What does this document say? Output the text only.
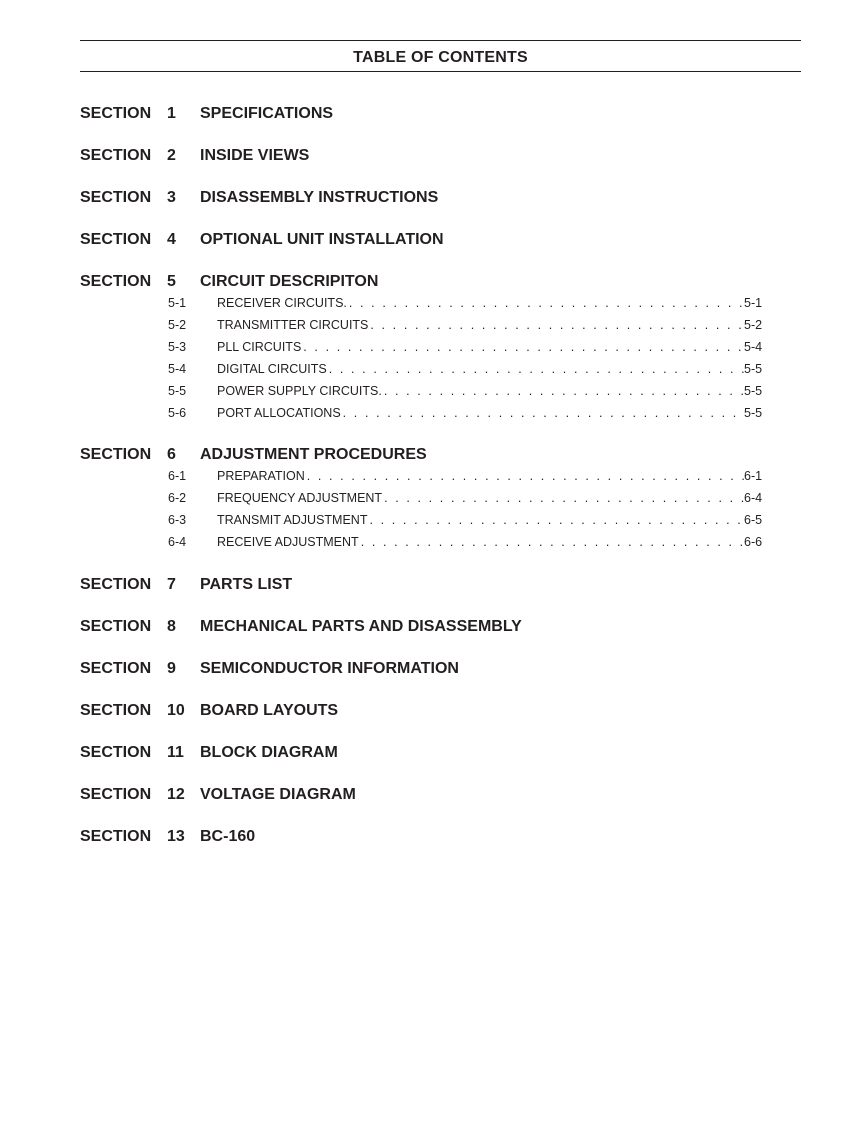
TABLE OF CONTENTS
SECTION 1 SPECIFICATIONS
SECTION 2 INSIDE VIEWS
SECTION 3 DISASSEMBLY INSTRUCTIONS
SECTION 4 OPTIONAL UNIT INSTALLATION
SECTION 5 CIRCUIT DESCRIPITON
5-1 RECEIVER CIRCUITS. . . .	5-1
5-2 TRANSMITTER CIRCUITS . . .	5-2
5-3 PLL CIRCUITS . . .	5-4
5-4 DIGITAL CIRCUITS . . .	5-5
5-5 POWER SUPPLY CIRCUITS. . . .	5-5
5-6 PORT ALLOCATIONS . . .	5-5
SECTION 6 ADJUSTMENT PROCEDURES
6-1 PREPARATION . . .	6-1
6-2 FREQUENCY ADJUSTMENT . . .	6-4
6-3 TRANSMIT ADJUSTMENT . . .	6-5
6-4 RECEIVE ADJUSTMENT . . .	6-6
SECTION 7 PARTS LIST
SECTION 8 MECHANICAL PARTS AND DISASSEMBLY
SECTION 9 SEMICONDUCTOR INFORMATION
SECTION 10 BOARD LAYOUTS
SECTION 11 BLOCK DIAGRAM
SECTION 12 VOLTAGE DIAGRAM
SECTION 13 BC-160
